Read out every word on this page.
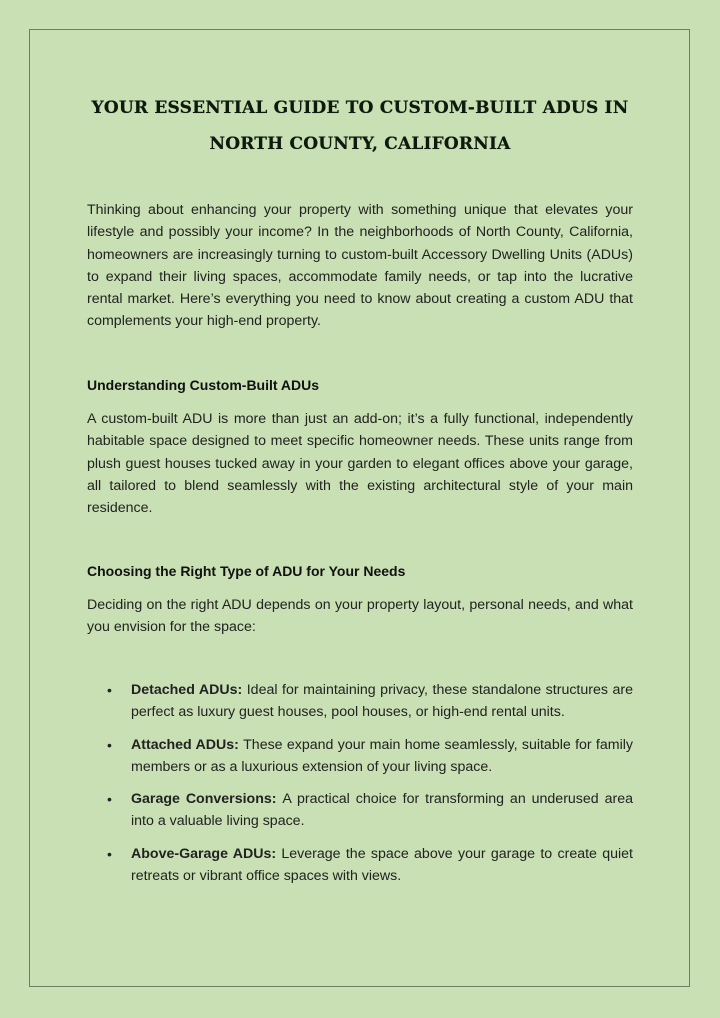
YOUR ESSENTIAL GUIDE TO CUSTOM-BUILT ADUS IN NORTH COUNTY, CALIFORNIA

Thinking about enhancing your property with something unique that elevates your lifestyle and possibly your income? In the neighborhoods of North County, California, homeowners are increasingly turning to custom-built Accessory Dwelling Units (ADUs) to expand their living spaces, accommodate family needs, or tap into the lucrative rental market. Here’s everything you need to know about creating a custom ADU that complements your high-end property.

Understanding Custom-Built ADUs

A custom-built ADU is more than just an add-on; it’s a fully functional, independently habitable space designed to meet specific homeowner needs. These units range from plush guest houses tucked away in your garden to elegant offices above your garage, all tailored to blend seamlessly with the existing architectural style of your main residence.

Choosing the Right Type of ADU for Your Needs

Deciding on the right ADU depends on your property layout, personal needs, and what you envision for the space:

• Detached ADUs: Ideal for maintaining privacy, these standalone structures are perfect as luxury guest houses, pool houses, or high-end rental units.
• Attached ADUs: These expand your main home seamlessly, suitable for family members or as a luxurious extension of your living space.
• Garage Conversions: A practical choice for transforming an underused area into a valuable living space.
• Above-Garage ADUs: Leverage the space above your garage to create quiet retreats or vibrant office spaces with views.
